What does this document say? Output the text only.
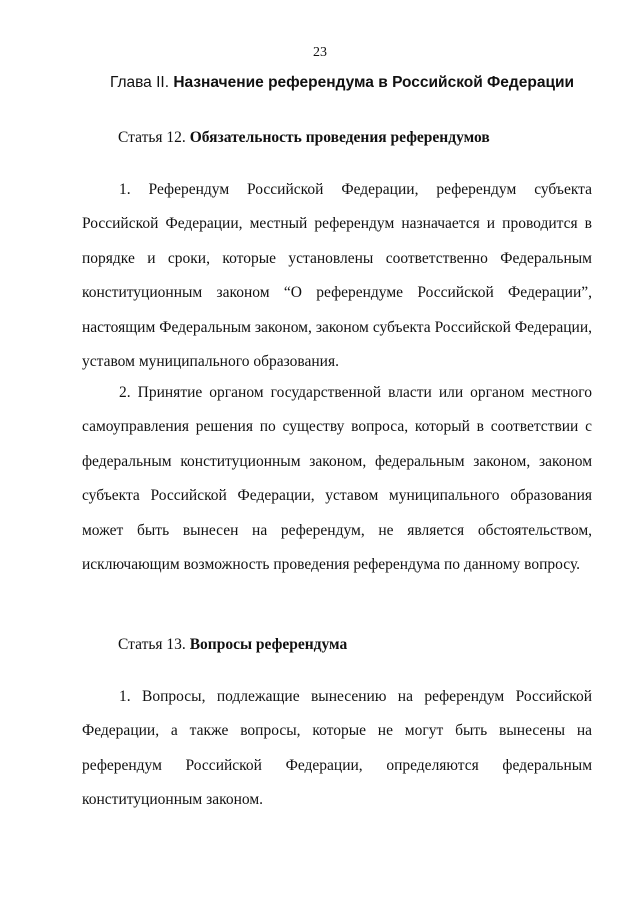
23
Глава II. Назначение референдума в Российской Федерации
Статья 12. Обязательность проведения референдумов

1. Референдум Российской Федерации, референдум субъекта Российской Федерации, местный референдум назначается и проводится в порядке и сроки, которые установлены соответственно Федеральным конституционным законом “О референдуме Российской Федерации”, настоящим Федеральным законом, законом субъекта Российской Федерации, уставом муниципального образования.

2. Принятие органом государственной власти или органом местного самоуправления решения по существу вопроса, который в соответствии с федеральным конституционным законом, федеральным законом, законом субъекта Российской Федерации, уставом муниципального образования может быть вынесен на референдум, не является обстоятельством, исключающим возможность проведения референдума по данному вопросу.

Статья 13. Вопросы референдума

1. Вопросы, подлежащие вынесению на референдум Российской Федерации, а также вопросы, которые не могут быть вынесены на референдум Российской Федерации, определяются федеральным конституционным законом.
